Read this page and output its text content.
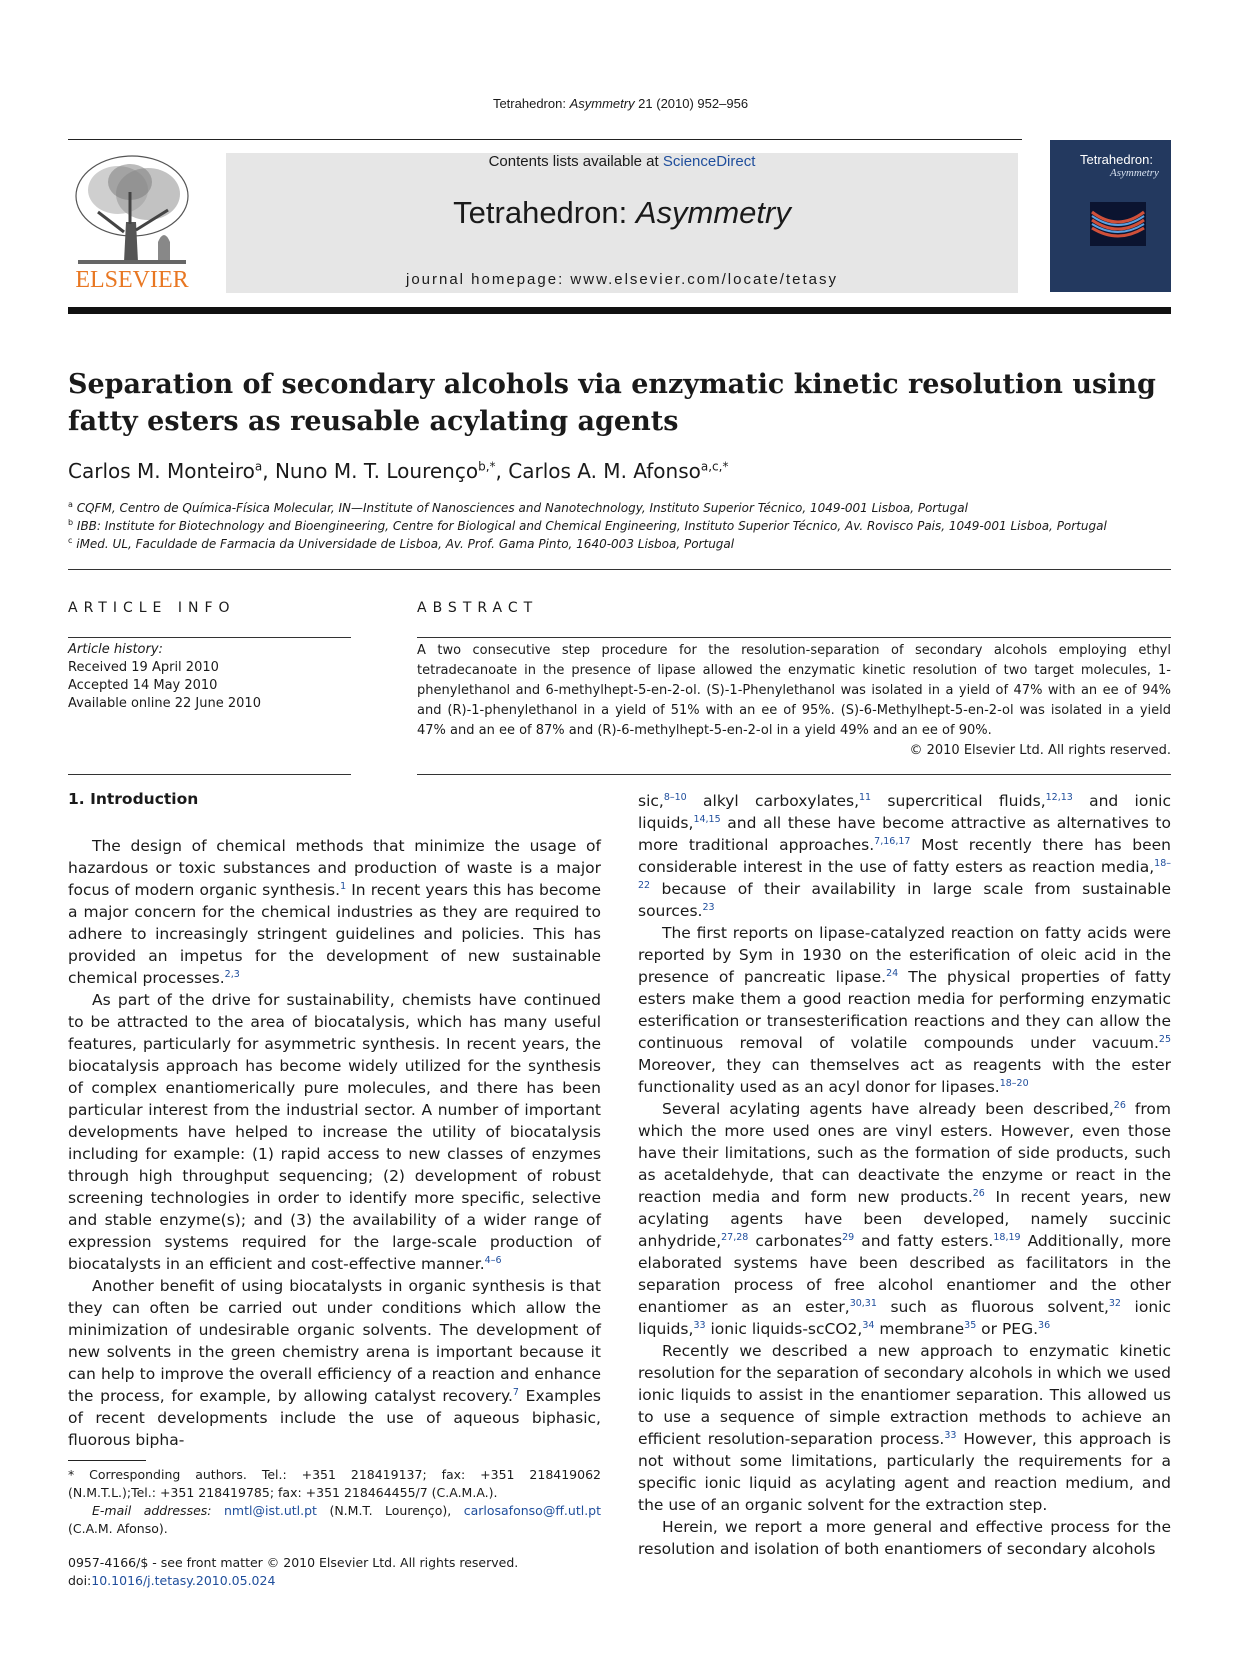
Tetrahedron: Asymmetry 21 (2010) 952–956
ELSEVIER
Contents lists available at ScienceDirect
Tetrahedron: Asymmetry
journal homepage: www.elsevier.com/locate/tetasy
Tetrahedron:
Asymmetry
Separation of secondary alcohols via enzymatic kinetic resolution using fatty esters as reusable acylating agents
Carlos M. Monteiro$^a$, Nuno M. T. Lourenço$^{b,*}$, Carlos A. M. Afonso$^{a,c,*}$
$^a$ CQFM, Centro de Química-Física Molecular, IN—Institute of Nanosciences and Nanotechnology, Instituto Superior Técnico, 1049-001 Lisboa, Portugal
$^b$ IBB: Institute for Biotechnology and Bioengineering, Centre for Biological and Chemical Engineering, Instituto Superior Técnico, Av. Rovisco Pais, 1049-001 Lisboa, Portugal
$^c$ iMed. UL, Faculdade de Farmacia da Universidade de Lisboa, Av. Prof. Gama Pinto, 1640-003 Lisboa, Portugal
ARTICLE INFO
Article history:
Received 19 April 2010
Accepted 14 May 2010
Available online 22 June 2010
ABSTRACT
A two consecutive step procedure for the resolution-separation of secondary alcohols employing ethyl tetradecanoate in the presence of lipase allowed the enzymatic kinetic resolution of two target molecules, 1-phenylethanol and 6-methylhept-5-en-2-ol. (S)-1-Phenylethanol was isolated in a yield of 47% with an ee of 94% and (R)-1-phenylethanol in a yield of 51% with an ee of 95%. (S)-6-Methylhept-5-en-2-ol was isolated in a yield 47% and an ee of 87% and (R)-6-methylhept-5-en-2-ol in a yield 49% and an ee of 90%.
© 2010 Elsevier Ltd. All rights reserved.
1. Introduction

The design of chemical methods that minimize the usage of hazardous or toxic substances and production of waste is a major focus of modern organic synthesis.$^1$ In recent years this has become a major concern for the chemical industries as they are required to adhere to increasingly stringent guidelines and policies. This has provided an impetus for the development of new sustainable chemical processes.$^{2,3}$

As part of the drive for sustainability, chemists have continued to be attracted to the area of biocatalysis, which has many useful features, particularly for asymmetric synthesis. In recent years, the biocatalysis approach has become widely utilized for the synthesis of complex enantiomerically pure molecules, and there has been particular interest from the industrial sector. A number of important developments have helped to increase the utility of biocatalysis including for example: (1) rapid access to new classes of enzymes through high throughput sequencing; (2) development of robust screening technologies in order to identify more specific, selective and stable enzyme(s); and (3) the availability of a wider range of expression systems required for the large-scale production of biocatalysts in an efficient and cost-effective manner.$^{4-6}$

Another benefit of using biocatalysts in organic synthesis is that they can often be carried out under conditions which allow the minimization of undesirable organic solvents. The development of new solvents in the green chemistry arena is important because it can help to improve the overall efficiency of a reaction and enhance the process, for example, by allowing catalyst recovery.$^7$ Examples of recent developments include the use of aqueous biphasic, fluorous bipha-

sic,$^{8-10}$ alkyl carboxylates,$^{11}$ supercritical fluids,$^{12,13}$ and ionic liquids,$^{14,15}$ and all these have become attractive as alternatives to more traditional approaches.$^{7,16,17}$ Most recently there has been considerable interest in the use of fatty esters as reaction media,$^{18-22}$ because of their availability in large scale from sustainable sources.$^{23}$

The first reports on lipase-catalyzed reaction on fatty acids were reported by Sym in 1930 on the esterification of oleic acid in the presence of pancreatic lipase.$^{24}$ The physical properties of fatty esters make them a good reaction media for performing enzymatic esterification or transesterification reactions and they can allow the continuous removal of volatile compounds under vacuum.$^{25}$ Moreover, they can themselves act as reagents with the ester functionality used as an acyl donor for lipases.$^{18-20}$

Several acylating agents have already been described,$^{26}$ from which the more used ones are vinyl esters. However, even those have their limitations, such as the formation of side products, such as acetaldehyde, that can deactivate the enzyme or react in the reaction media and form new products.$^{26}$ In recent years, new acylating agents have been developed, namely succinic anhydride,$^{27,28}$ carbonates$^{29}$ and fatty esters.$^{18,19}$ Additionally, more elaborated systems have been described as facilitators in the separation process of free alcohol enantiomer and the other enantiomer as an ester,$^{30,31}$ such as fluorous solvent,$^{32}$ ionic liquids,$^{33}$ ionic liquids-scCO2,34 membrane$^{35}$ or PEG.$^{36}$

Recently we described a new approach to enzymatic kinetic resolution for the separation of secondary alcohols in which we used ionic liquids to assist in the enantiomer separation. This allowed us to use a sequence of simple extraction methods to achieve an efficient resolution-separation process.$^{33}$ However, this approach is not without some limitations, particularly the requirements for a specific ionic liquid as acylating agent and reaction medium, and the use of an organic solvent for the extraction step.

Herein, we report a more general and effective process for the resolution and isolation of both enantiomers of secondary alcohols

* Corresponding authors. Tel.: +351 218419137; fax: +351 218419062 (N.M.T.L.);Tel.: +351 218419785; fax: +351 218464455/7 (C.A.M.A.).
E-mail addresses: nmtl@ist.utl.pt (N.M.T. Lourenço), carlosafonso@ff.utl.pt (C.A.M. Afonso).
0957-4166/$ - see front matter © 2010 Elsevier Ltd. All rights reserved.
doi:10.1016/j.tetasy.2010.05.024
